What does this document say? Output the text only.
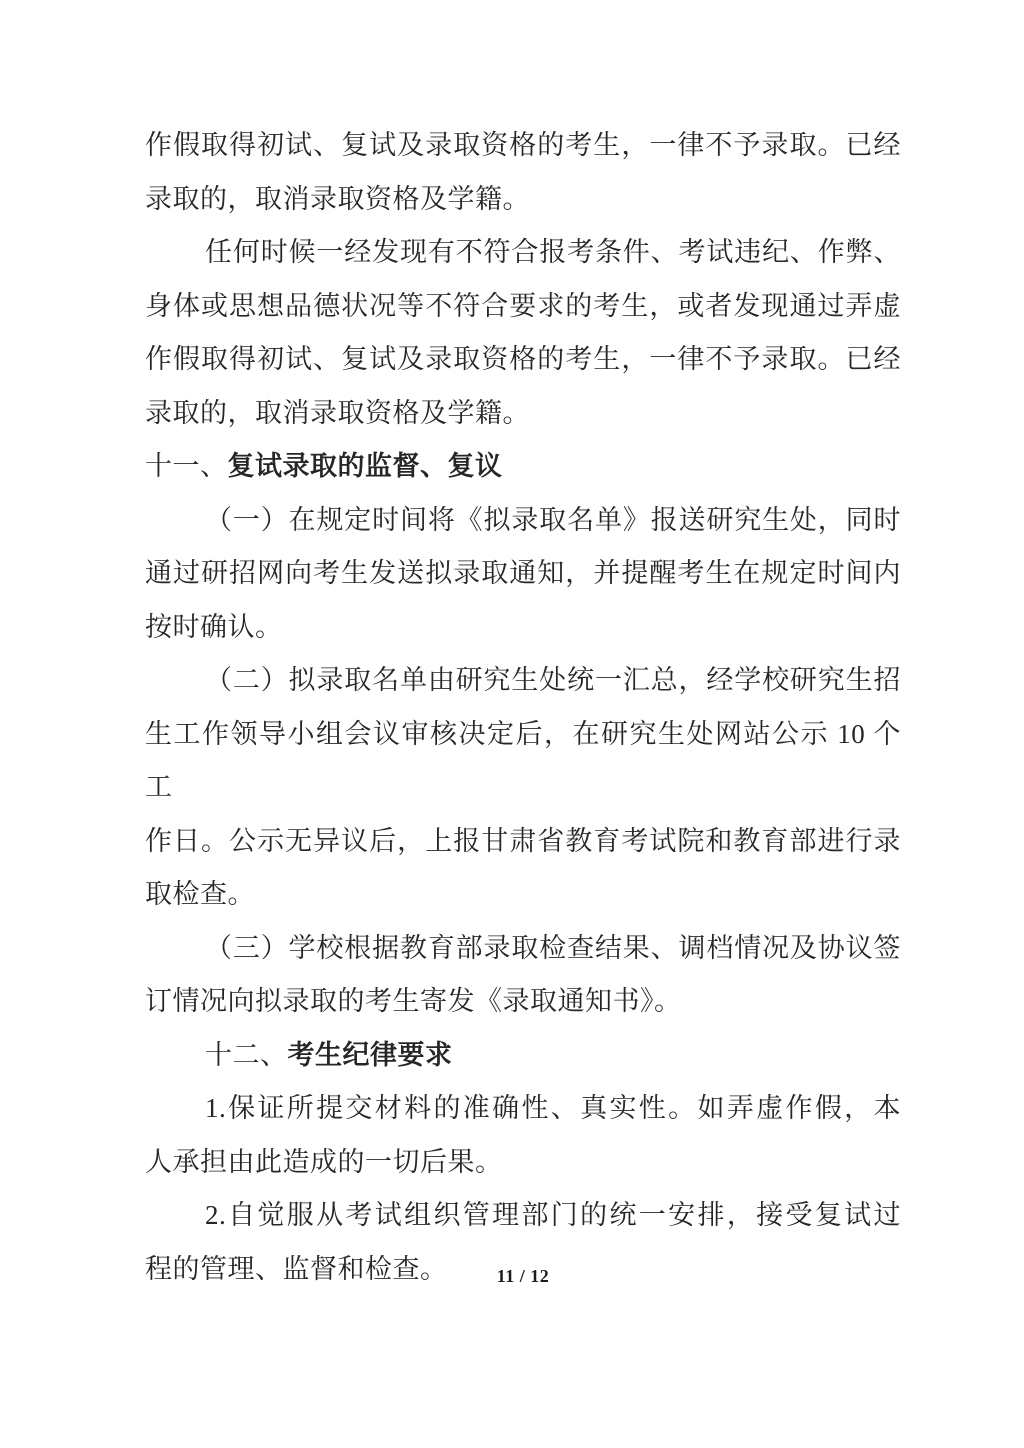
作假取得初试、复试及录取资格的考生，一律不予录取。已经
录取的，取消录取资格及学籍。
任何时候一经发现有不符合报考条件、考试违纪、作弊、
身体或思想品德状况等不符合要求的考生，或者发现通过弄虚
作假取得初试、复试及录取资格的考生，一律不予录取。已经
录取的，取消录取资格及学籍。
十一、复试录取的监督、复议
（一）在规定时间将《拟录取名单》报送研究生处，同时
通过研招网向考生发送拟录取通知，并提醒考生在规定时间内
按时确认。
（二）拟录取名单由研究生处统一汇总，经学校研究生招
生工作领导小组会议审核决定后，在研究生处网站公示 10 个工
作日。公示无异议后，上报甘肃省教育考试院和教育部进行录
取检查。
（三）学校根据教育部录取检查结果、调档情况及协议签
订情况向拟录取的考生寄发《录取通知书》。
十二、考生纪律要求
1.保证所提交材料的准确性、真实性。如弄虚作假，本
人承担由此造成的一切后果。
2.自觉服从考试组织管理部门的统一安排，接受复试过
程的管理、监督和检查。	11 / 12
